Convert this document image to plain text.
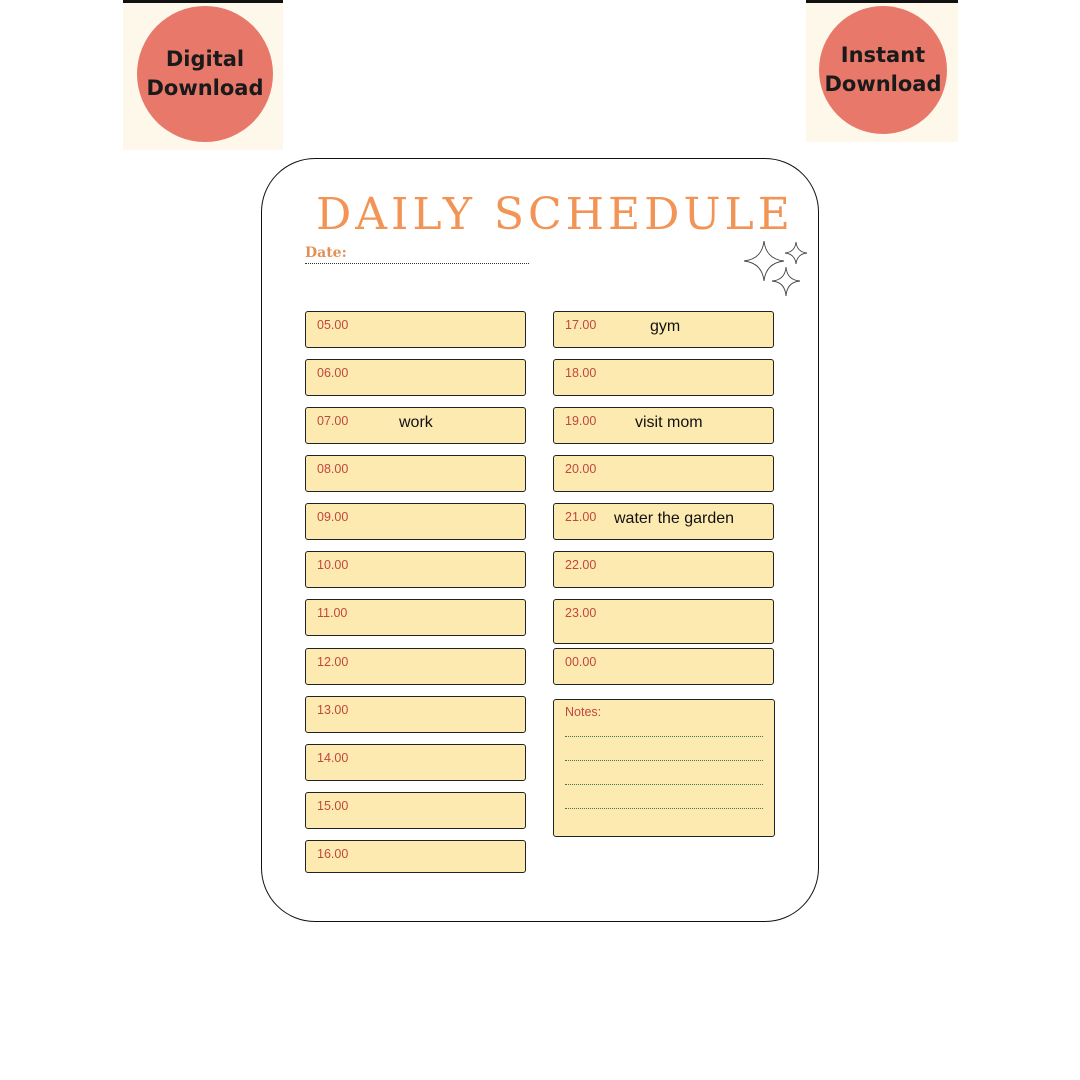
Digital
Download
Instant
Download
DAILY SCHEDULE
Date:
05.00
06.00
07.00	work
08.00
09.00
10.00
11.00
12.00
13.00
14.00
15.00
16.00
17.00	gym
18.00
19.00 visit mom
20.00
21.00 water the garden
22.00
23.00
00.00
Notes:
